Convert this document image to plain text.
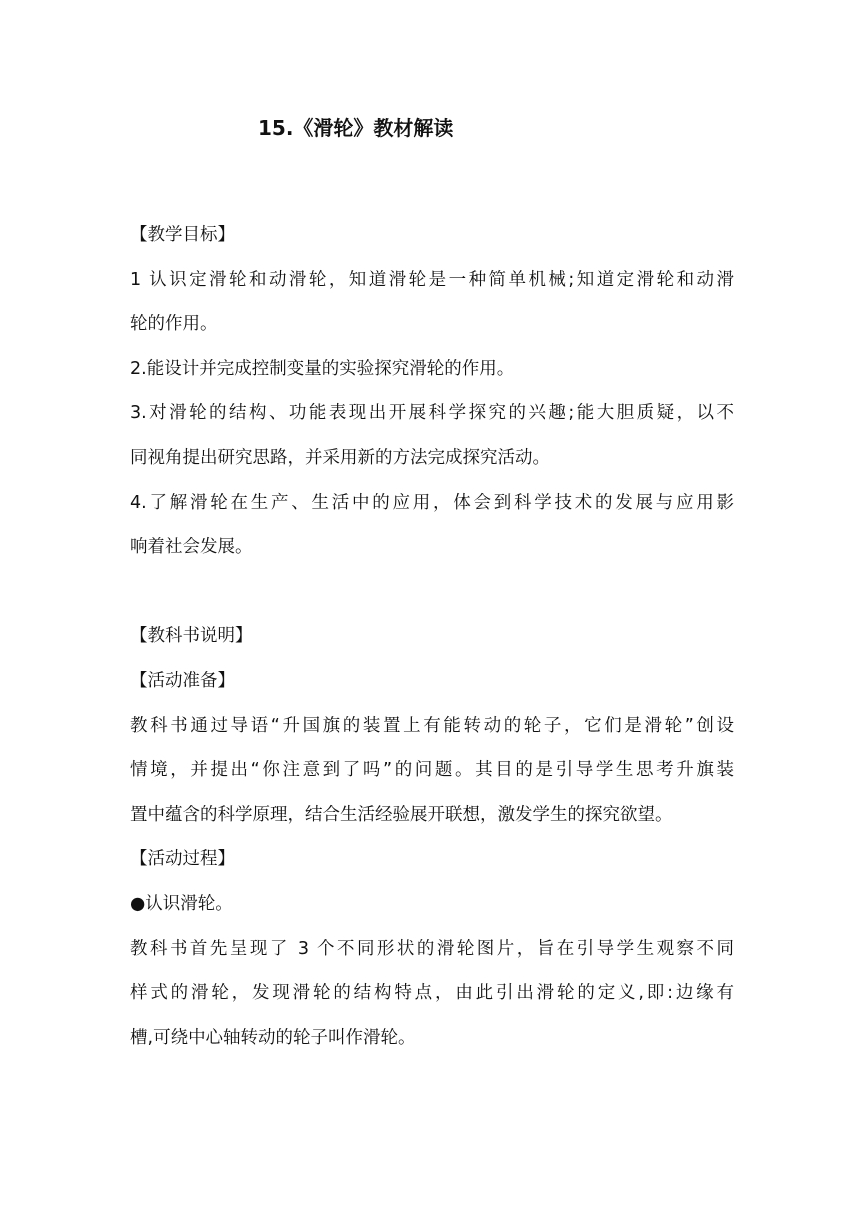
15.《滑轮》教材解读
【教学目标】
1 认识定滑轮和动滑轮，知道滑轮是一种简单机械;知道定滑轮和动滑
轮的作用。
2.能设计并完成控制变量的实验探究滑轮的作用。
3.对滑轮的结构、功能表现出开展科学探究的兴趣;能大胆质疑，以不
同视角提出研究思路，并采用新的方法完成探究活动。
4.了解滑轮在生产、生活中的应用，体会到科学技术的发展与应用影
响着社会发展。
【教科书说明】
【活动准备】
教科书通过导语“升国旗的装置上有能转动的轮子，它们是滑轮”创设
情境，并提出“你注意到了吗”的问题。其目的是引导学生思考升旗装
置中蕴含的科学原理，结合生活经验展开联想，激发学生的探究欲望。
【活动过程】
●认识滑轮。
教科书首先呈现了 3 个不同形状的滑轮图片，旨在引导学生观察不同
样式的滑轮，发现滑轮的结构特点，由此引出滑轮的定义,即:边缘有
槽,可绕中心轴转动的轮子叫作滑轮。
